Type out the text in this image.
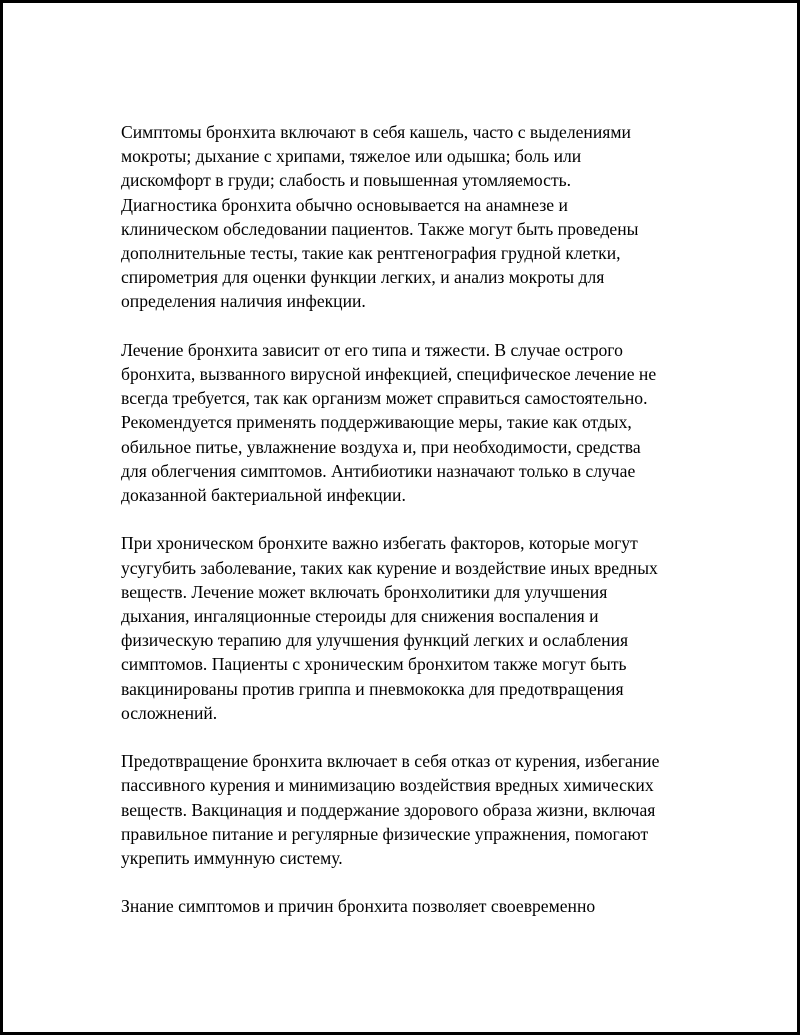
Симптомы бронхита включают в себя кашель, часто с выделениями
мокроты; дыхание с хрипами, тяжелое или одышка; боль или
дискомфорт в груди; слабость и повышенная утомляемость.
Диагностика бронхита обычно основывается на анамнезе и
клиническом обследовании пациентов. Также могут быть проведены
дополнительные тесты, такие как рентгенография грудной клетки,
спирометрия для оценки функции легких, и анализ мокроты для
определения наличия инфекции.

Лечение бронхита зависит от его типа и тяжести. В случае острого
бронхита, вызванного вирусной инфекцией, специфическое лечение не
всегда требуется, так как организм может справиться самостоятельно.
Рекомендуется применять поддерживающие меры, такие как отдых,
обильное питье, увлажнение воздуха и, при необходимости, средства
для облегчения симптомов. Антибиотики назначают только в случае
доказанной бактериальной инфекции.

При хроническом бронхите важно избегать факторов, которые могут
усугубить заболевание, таких как курение и воздействие иных вредных
веществ. Лечение может включать бронхолитики для улучшения
дыхания, ингаляционные стероиды для снижения воспаления и
физическую терапию для улучшения функций легких и ослабления
симптомов. Пациенты с хроническим бронхитом также могут быть
вакцинированы против гриппа и пневмококка для предотвращения
осложнений.

Предотвращение бронхита включает в себя отказ от курения, избегание
пассивного курения и минимизацию воздействия вредных химических
веществ. Вакцинация и поддержание здорового образа жизни, включая
правильное питание и регулярные физические упражнения, помогают
укрепить иммунную систему.

Знание симптомов и причин бронхита позволяет своевременно
